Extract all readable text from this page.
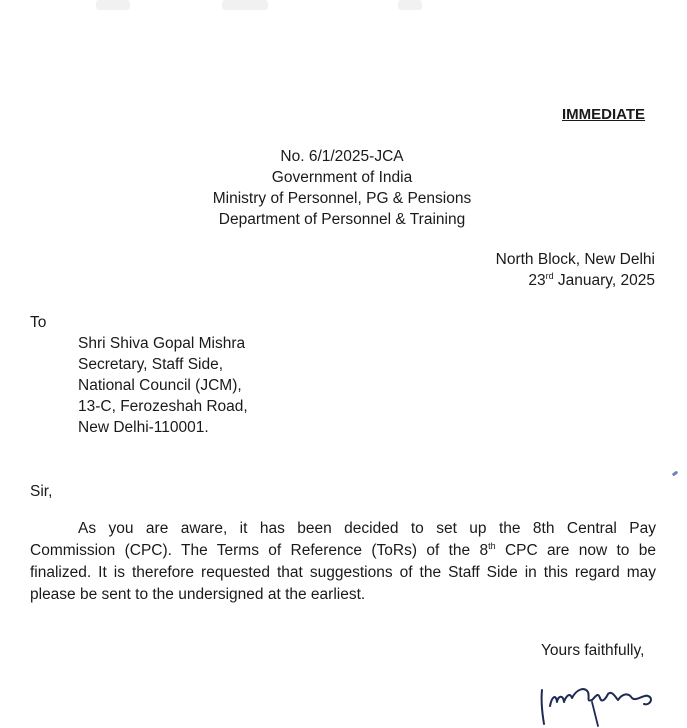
IMMEDIATE
No. 6/1/2025-JCA
Government of India
Ministry of Personnel, PG & Pensions
Department of Personnel & Training
North Block, New Delhi
23rd January, 2025
To
Shri Shiva Gopal Mishra
Secretary, Staff Side,
National Council (JCM),
13-C, Ferozeshah Road,
New Delhi-110001.
Sir,
As you are aware, it has been decided to set up the 8th Central Pay
Commission (CPC). The Terms of Reference (ToRs) of the 8th CPC are now to be
finalized. It is therefore requested that suggestions of the Staff Side in this regard may
please be sent to the undersigned at the earliest.
Yours faithfully,
